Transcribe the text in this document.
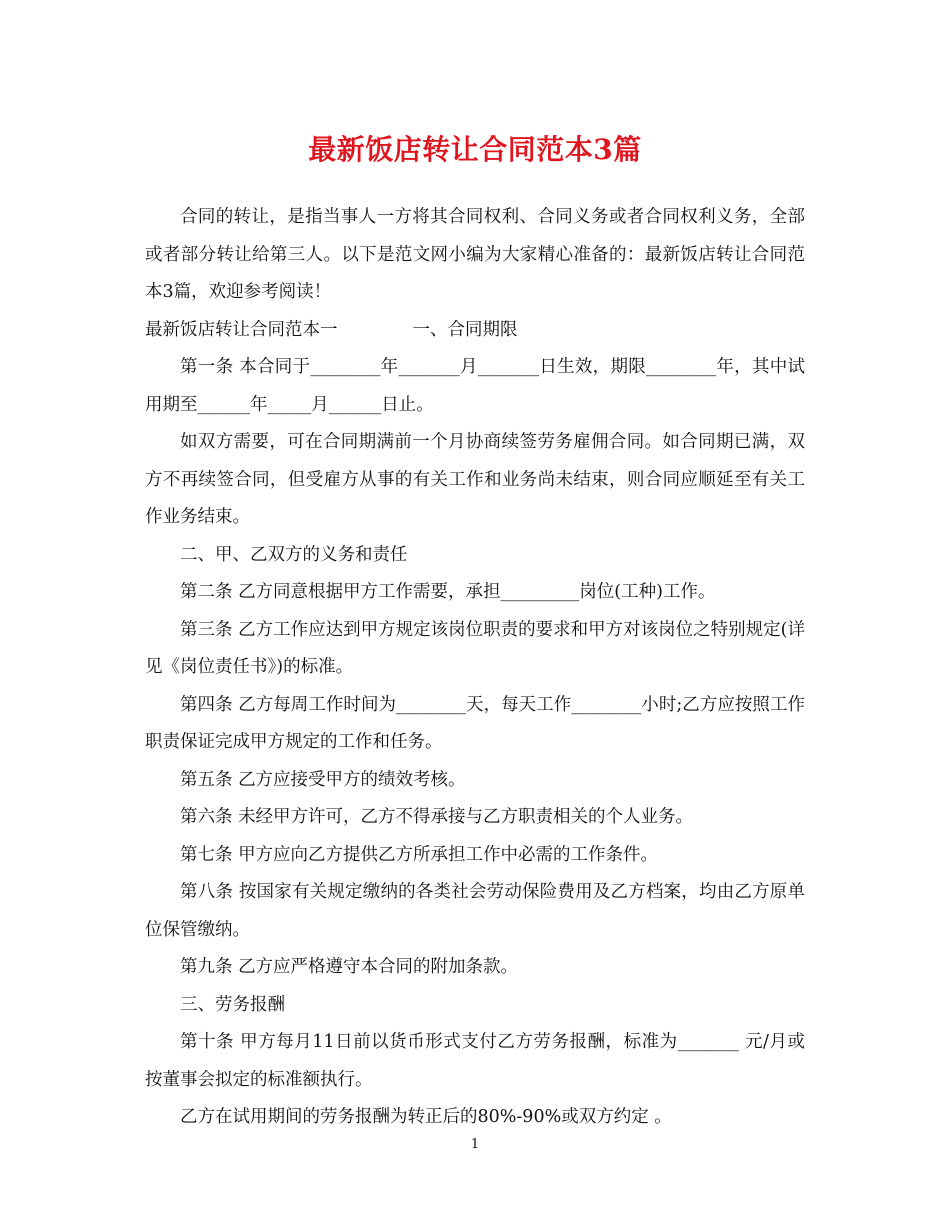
最新饭店转让合同范本3篇

合同的转让，是指当事人一方将其合同权利、合同义务或者合同权利义务，全部或者部分转让给第三人。以下是范文网小编为大家精心准备的：最新饭店转让合同范本3篇，欢迎参考阅读！

最新饭店转让合同范本一	一、合同期限

第一条 本合同于________年_______月_______日生效，期限________年，其中试用期至______年_____月______日止。

如双方需要，可在合同期满前一个月协商续签劳务雇佣合同。如合同期已满，双方不再续签合同，但受雇方从事的有关工作和业务尚未结束，则合同应顺延至有关工作业务结束。

二、甲、乙双方的义务和责任

第二条 乙方同意根据甲方工作需要，承担_________岗位(工种)工作。

第三条 乙方工作应达到甲方规定该岗位职责的要求和甲方对该岗位之特别规定(详见《岗位责任书》)的标准。

第四条 乙方每周工作时间为________天，每天工作________小时;乙方应按照工作职责保证完成甲方规定的工作和任务。

第五条 乙方应接受甲方的绩效考核。

第六条 未经甲方许可，乙方不得承接与乙方职责相关的个人业务。

第七条 甲方应向乙方提供乙方所承担工作中必需的工作条件。

第八条 按国家有关规定缴纳的各类社会劳动保险费用及乙方档案，均由乙方原单位保管缴纳。

第九条 乙方应严格遵守本合同的附加条款。

三、劳务报酬

第十条 甲方每月11日前以货币形式支付乙方劳务报酬，标准为_______ 元/月或按董事会拟定的标准额执行。

乙方在试用期间的劳务报酬为转正后的80%-90%或双方约定 。

1
